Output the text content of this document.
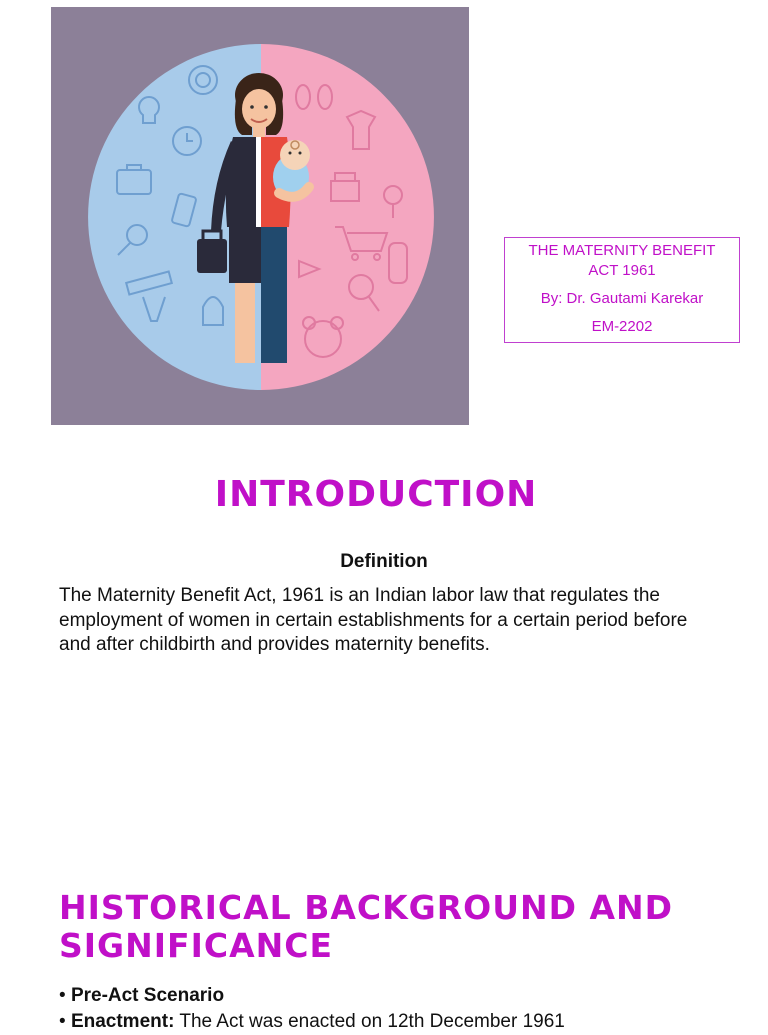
THE MATERNITY BENEFIT
ACT 1961
By: Dr. Gautami Karekar
EM-2202
INTRODUCTION
Definition
The Maternity Benefit Act, 1961 is an Indian labor law that regulates the employment of women in certain establishments for a certain period before and after childbirth and provides maternity benefits.
HISTORICAL BACKGROUND AND SIGNIFICANCE
• Pre-Act Scenario
• Enactment: The Act was enacted on 12th December 1961
